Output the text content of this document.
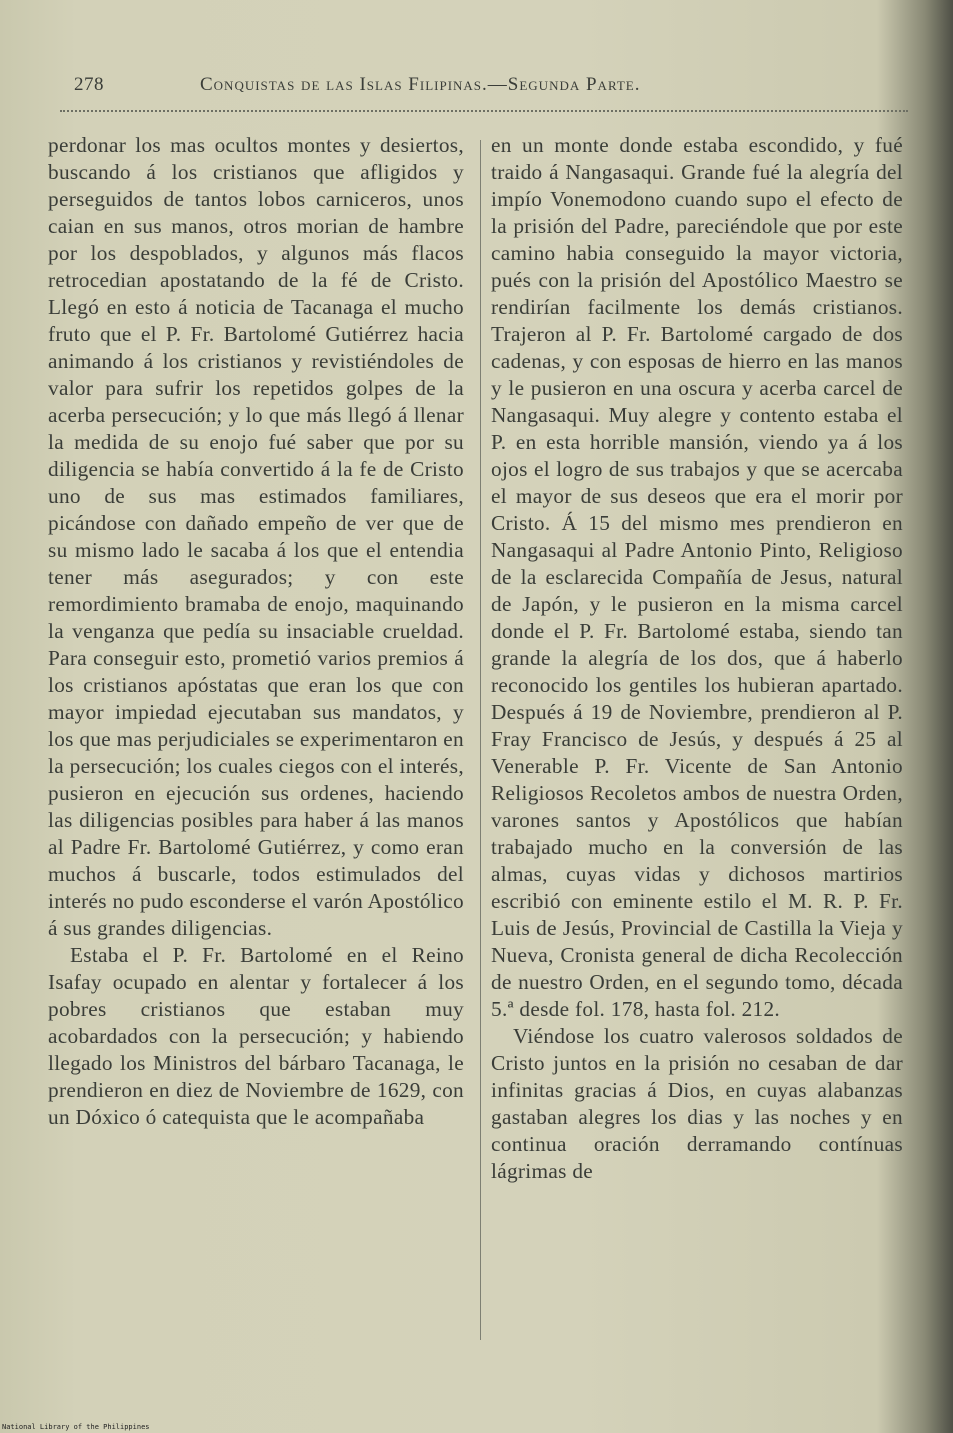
278	Conquistas de las Islas Filipinas.—Segunda Parte.

perdonar los mas ocultos montes y desiertos, buscando á los cristianos que afligidos y perseguidos de tantos lobos carniceros, unos caian en sus manos, otros morian de hambre por los despoblados, y algunos más flacos retrocedian apostatando de la fé de Cristo. Llegó en esto á noticia de Tacanaga el mucho fruto que el P. Fr. Bartolomé Gutiérrez hacia animando á los cristianos y revistiéndoles de valor para sufrir los repetidos golpes de la acerba persecución; y lo que más llegó á llenar la medida de su enojo fué saber que por su diligencia se había convertido á la fe de Cristo uno de sus mas estimados familiares, picándose con dañado empeño de ver que de su mismo lado le sacaba á los que el entendia tener más asegurados; y con este remordimiento bramaba de enojo, maquinando la venganza que pedía su insaciable crueldad. Para conseguir esto, prometió varios premios á los cristianos apóstatas que eran los que con mayor impiedad ejecutaban sus mandatos, y los que mas perjudiciales se experimentaron en la persecución; los cuales ciegos con el interés, pusieron en ejecución sus ordenes, haciendo las diligencias posibles para haber á las manos al Padre Fr. Bartolomé Gutiérrez, y como eran muchos á buscarle, todos estimulados del interés no pudo esconderse el varón Apostólico á sus grandes diligencias.

Estaba el P. Fr. Bartolomé en el Reino Isafay ocupado en alentar y fortalecer á los pobres cristianos que estaban muy acobardados con la persecución; y habiendo llegado los Ministros del bárbaro Tacanaga, le prendieron en diez de Noviembre de 1629, con un Dóxico ó catequista que le acompañaba

en un monte donde estaba escondido, y fué traido á Nangasaqui. Grande fué la alegría del impío Vonemodono cuando supo el efecto de la prisión del Padre, pareciéndole que por este camino habia conseguido la mayor victoria, pués con la prisión del Apostólico Maestro se rendirían facilmente los demás cristianos. Trajeron al P. Fr. Bartolomé cargado de dos cadenas, y con esposas de hierro en las manos y le pusieron en una oscura y acerba carcel de Nangasaqui. Muy alegre y contento estaba el P. en esta horrible mansión, viendo ya á los ojos el logro de sus trabajos y que se acercaba el mayor de sus deseos que era el morir por Cristo. Á 15 del mismo mes prendieron en Nangasaqui al Padre Antonio Pinto, Religioso de la esclarecida Compañía de Jesus, natural de Japón, y le pusieron en la misma carcel donde el P. Fr. Bartolomé estaba, siendo tan grande la alegría de los dos, que á haberlo reconocido los gentiles los hubieran apartado. Después á 19 de Noviembre, prendieron al P. Fray Francisco de Jesús, y después á 25 al Venerable P. Fr. Vicente de San Antonio Religiosos Recoletos ambos de nuestra Orden, varones santos y Apostólicos que habían trabajado mucho en la conversión de las almas, cuyas vidas y dichosos martirios escribió con eminente estilo el M. R. P. Fr. Luis de Jesús, Provincial de Castilla la Vieja y Nueva, Cronista general de dicha Recolección de nuestro Orden, en el segundo tomo, década 5.ª desde fol. 178, hasta fol. 212.

Viéndose los cuatro valerosos soldados de Cristo juntos en la prisión no cesaban de dar infinitas gracias á Dios, en cuyas alabanzas gastaban alegres los dias y las noches y en continua oración derramando contínuas lágrimas de

National Library of the Philippines
